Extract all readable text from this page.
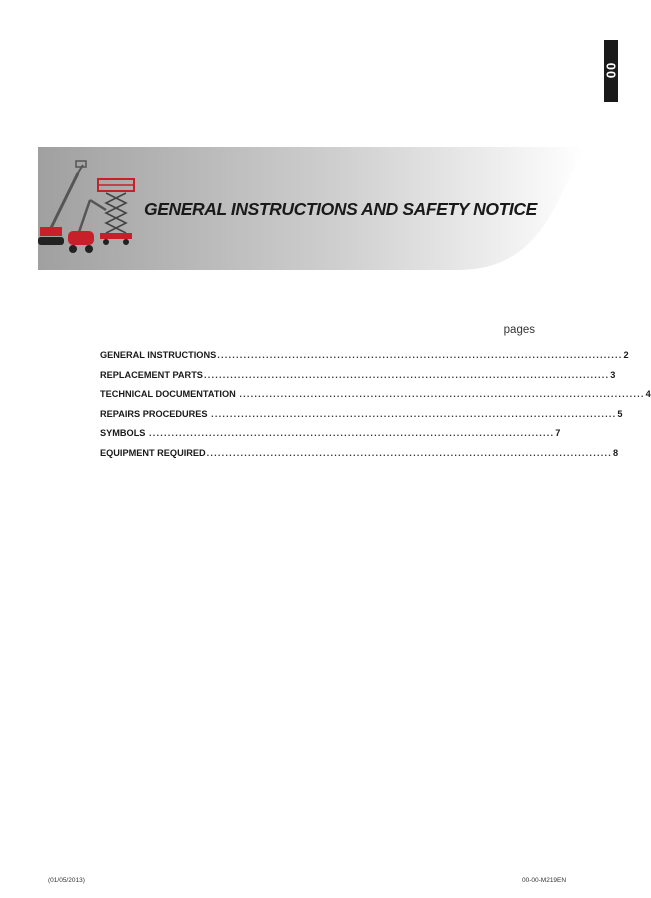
00
GENERAL INSTRUCTIONS AND SAFETY NOTICE
pages
GENERAL INSTRUCTIONS ............................................................................................................ 2
REPLACEMENT PARTS ............................................................................................................ 3
TECHNICAL DOCUMENTATION ............................................................................................................ 4
REPAIRS PROCEDURES ............................................................................................................ 5
SYMBOLS ............................................................................................................ 7
EQUIPMENT REQUIRED ............................................................................................................ 8
(01/05/2013)	00-00-M219EN
